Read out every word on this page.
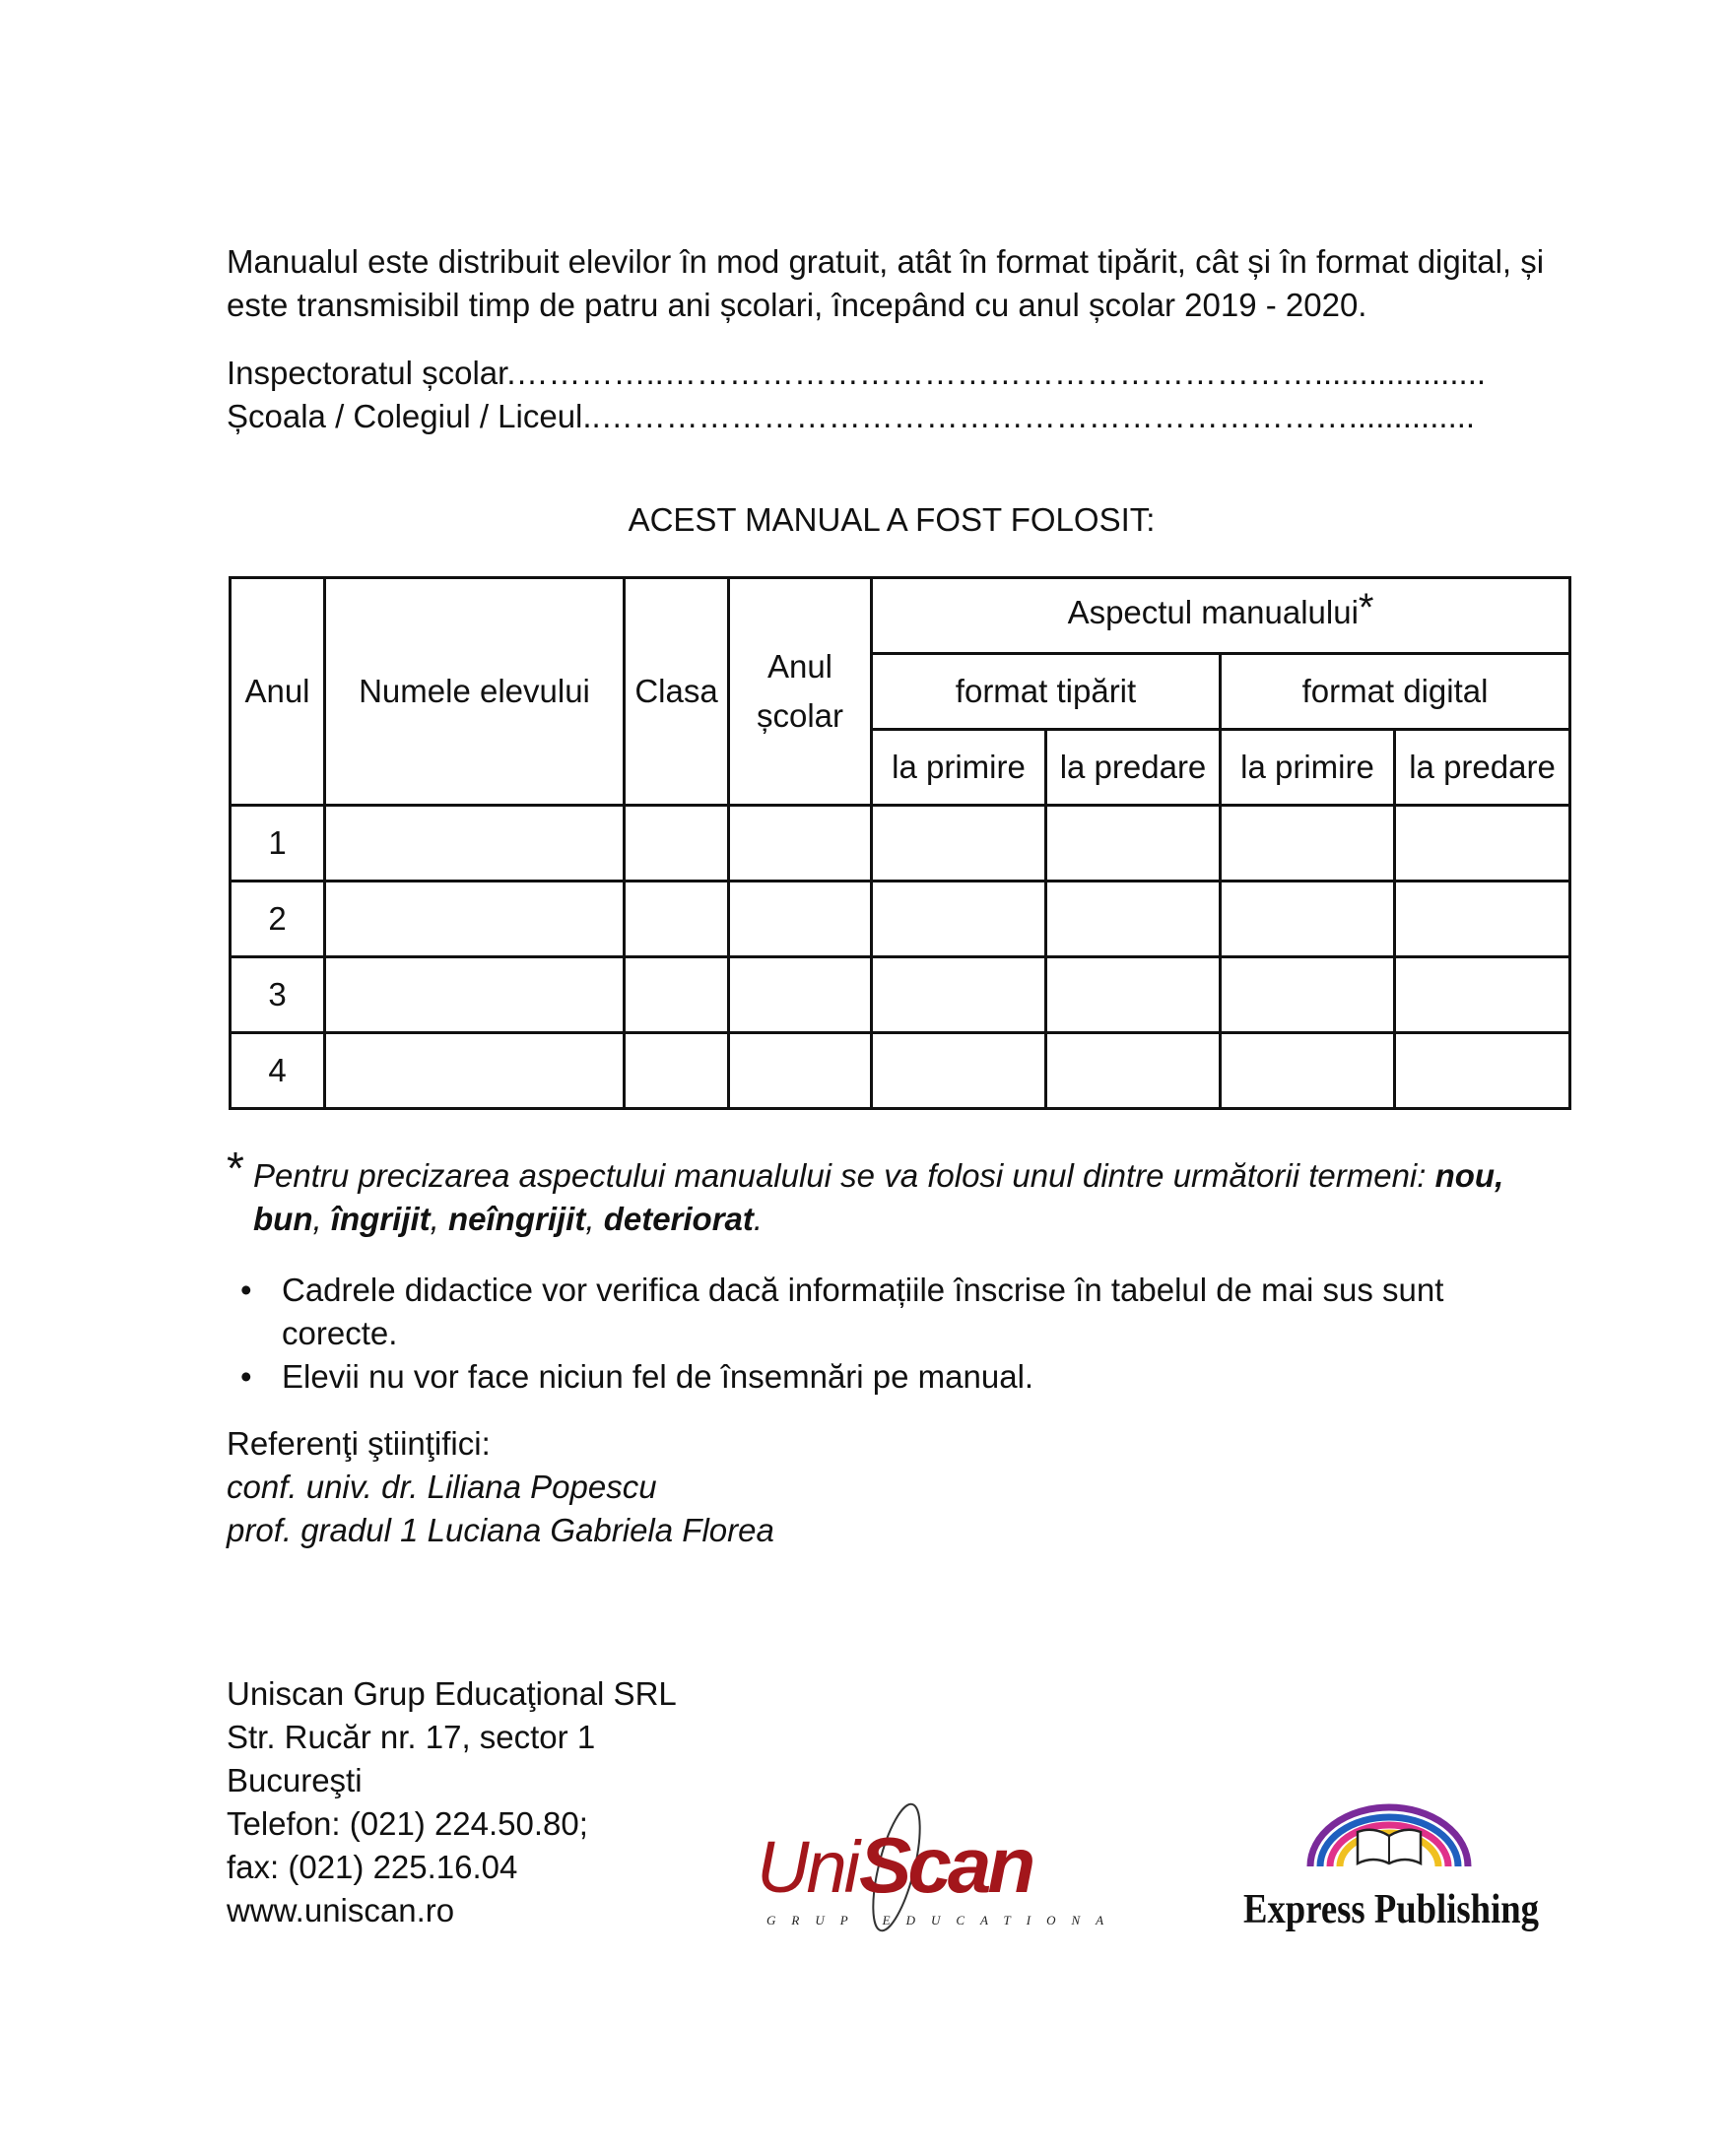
Manualul este distribuit elevilor în mod gratuit, atât în format tipărit, cât și în format digital, și este transmisibil timp de patru ani școlari, începând cu anul școlar 2019 - 2020.

Inspectoratul școlar.…………..……………………………………………………...................
Școala / Colegiul / Liceul..……………………………………………………………..............
ACEST MANUAL A FOST FOLOSIT:
Anul	Numele elevului	Clasa	Anul școlar	Aspectul manualului*			
				format tipărit		format digital	
				la primire	la predare	la primire	la predare
1							
2							
3							
4							
* Pentru precizarea aspectului manualului se va folosi unul dintre următorii termeni: nou, bun, îngrijit, neîngrijit, deteriorat.
• Cadrele didactice vor verifica dacă informațiile înscrise în tabelul de mai sus sunt corecte.
• Elevii nu vor face niciun fel de însemnări pe manual.
Referenţi ştiinţifici:
conf. univ. dr. Liliana Popescu
prof. gradul 1 Luciana Gabriela Florea
Uniscan Grup Educaţional SRL
Str. Rucăr nr. 17, sector 1
Bucureşti
Telefon: (021) 224.50.80;
fax: (021) 225.16.04
www.uniscan.ro
Uni Scan
GRUP EDUCATIONAL Express Publishing
